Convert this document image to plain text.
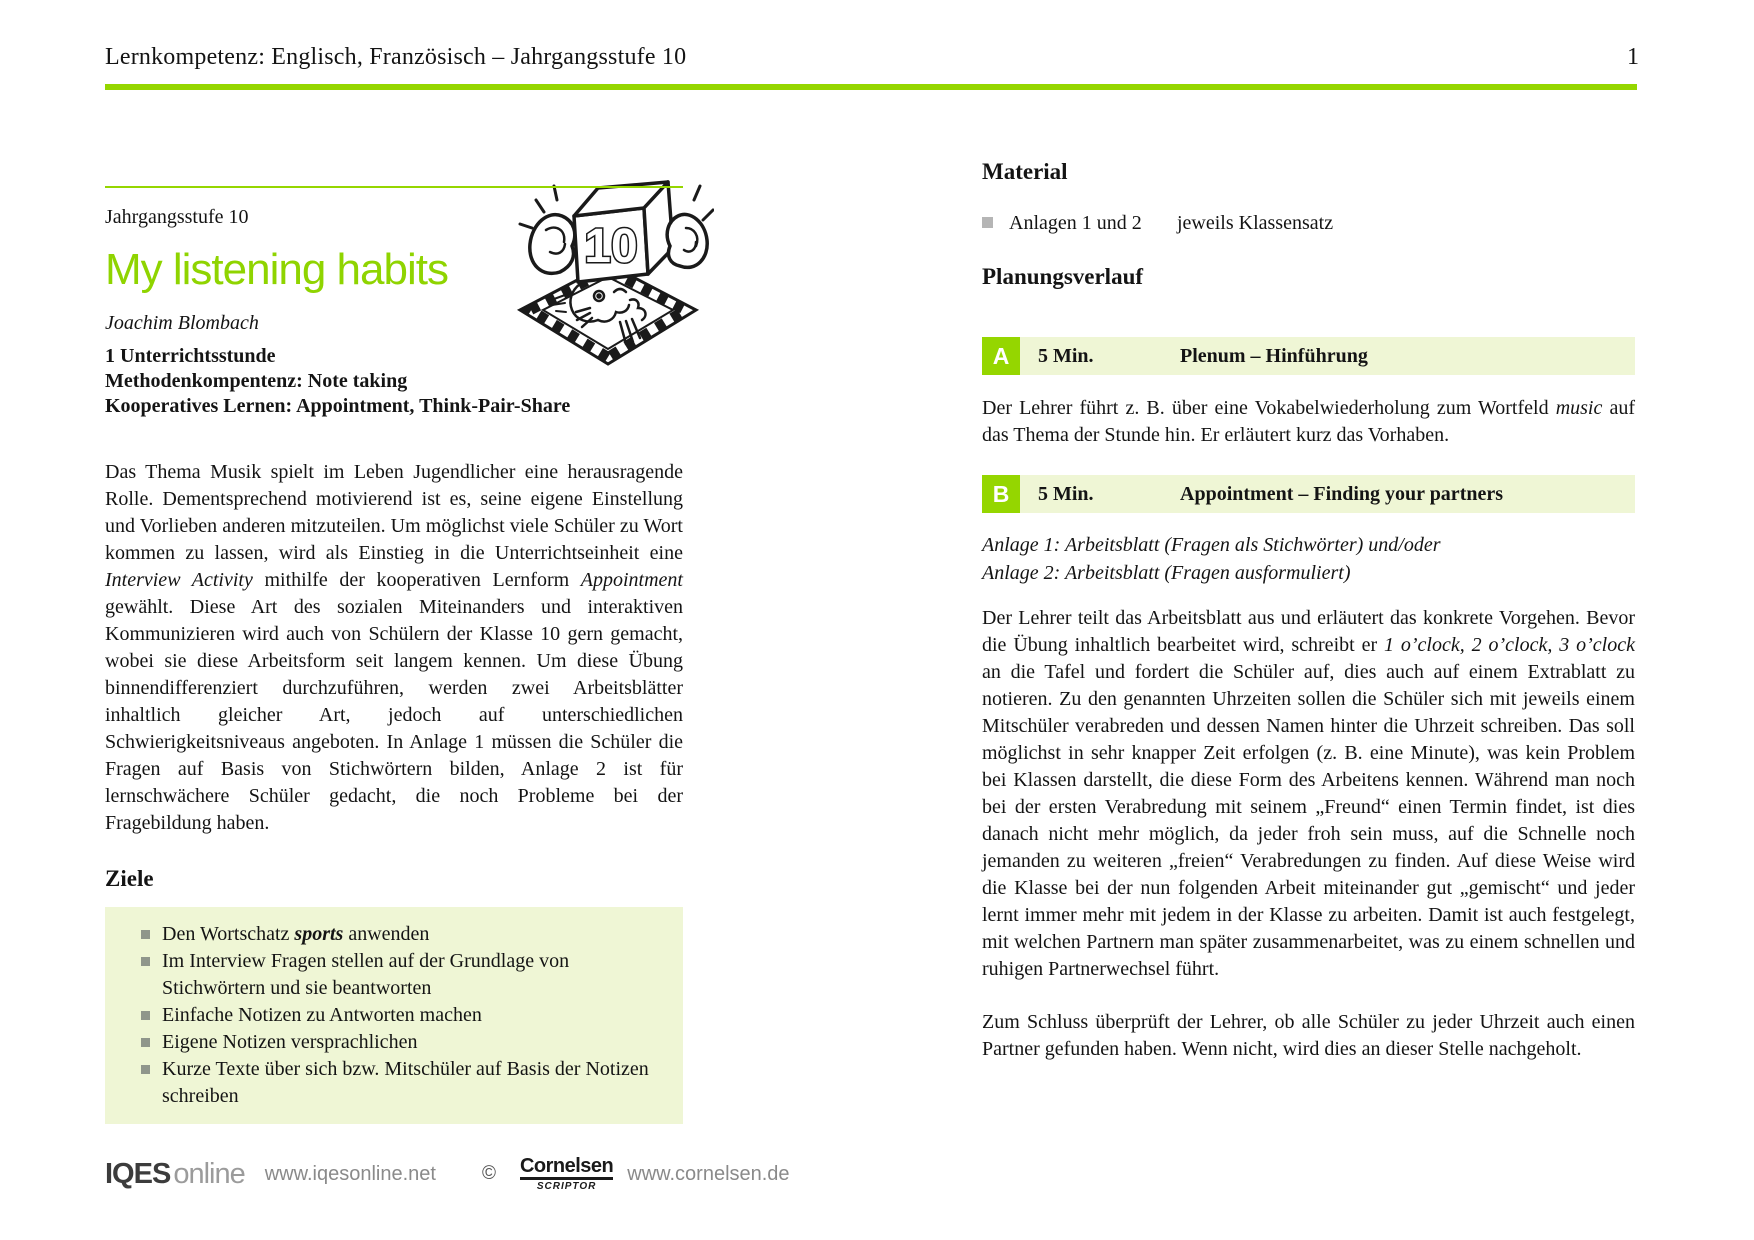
Lernkompetenz: Englisch, Französisch – Jahrgangsstufe 10	1
10
Jahrgangsstufe 10
My listening habits
Joachim Blombach
1 Unterrichtsstunde
Methodenkompentenz: Note taking
Kooperatives Lernen: Appointment, Think-Pair-Share
Das Thema Musik spielt im Leben Jugendlicher eine herausragende Rolle. Dementsprechend motivierend ist es, seine eigene Einstellung und Vorlieben anderen mitzuteilen. Um möglichst viele Schüler zu Wort kommen zu lassen, wird als Einstieg in die Unterrichtseinheit eine Interview Activity mithilfe der kooperativen Lernform Appointment gewählt. Diese Art des sozialen Miteinanders und interaktiven Kommunizieren wird auch von Schülern der Klasse 10 gern gemacht, wobei sie diese Arbeitsform seit langem kennen. Um diese Übung binnendifferenziert durchzuführen, werden zwei Arbeitsblätter inhaltlich gleicher Art, jedoch auf unterschiedlichen Schwierigkeitsniveaus angeboten. In Anlage 1 müssen die Schüler die Fragen auf Basis von Stichwörtern bilden, Anlage 2 ist für lernschwächere Schüler gedacht, die noch Probleme bei der Fragebildung haben.
Ziele
Den Wortschatz sports anwenden
Im Interview Fragen stellen auf der Grundlage von Stichwörtern und sie beantworten
Einfache Notizen zu Antworten machen
Eigene Notizen versprachlichen
Kurze Texte über sich bzw. Mitschüler auf Basis der Notizen schreiben
Material
Anlagen 1 und 2	jeweils Klassensatz
Planungsverlauf
A	5 Min.	Plenum – Hinführung
Der Lehrer führt z. B. über eine Vokabelwiederholung zum Wortfeld music auf das Thema der Stunde hin. Er erläutert kurz das Vorhaben.
B	5 Min.	Appointment – Finding your partners
Anlage 1: Arbeitsblatt (Fragen als Stichwörter) und/oder
Anlage 2: Arbeitsblatt (Fragen ausformuliert)
Der Lehrer teilt das Arbeitsblatt aus und erläutert das konkrete Vorgehen. Bevor die Übung inhaltlich bearbeitet wird, schreibt er 1 o’clock, 2 o’clock, 3 o’clock an die Tafel und fordert die Schüler auf, dies auch auf einem Extrablatt zu notieren. Zu den genannten Uhrzeiten sollen die Schüler sich mit jeweils einem Mitschüler verabreden und dessen Namen hinter die Uhrzeit schreiben. Das soll möglichst in sehr knapper Zeit erfolgen (z. B. eine Minute), was kein Problem bei Klassen darstellt, die diese Form des Arbeitens kennen. Während man noch bei der ersten Verabredung mit seinem „Freund“ einen Termin findet, ist dies danach nicht mehr möglich, da jeder froh sein muss, auf die Schnelle noch jemanden zu weiteren „freien“ Verabredungen zu finden. Auf diese Weise wird die Klasse bei der nun folgenden Arbeit miteinander gut „gemischt“ und jeder lernt immer mehr mit jedem in der Klasse zu arbeiten. Damit ist auch festgelegt, mit welchen Partnern man später zusammenarbeitet, was zu einem schnellen und ruhigen Partnerwechsel führt.
Zum Schluss überprüft der Lehrer, ob alle Schüler zu jeder Uhrzeit auch einen Partner gefunden haben. Wenn nicht, wird dies an dieser Stelle nachgeholt.
IQES online www.iqesonline.net © Cornelsen
SCRIPTOR
www.cornelsen.de
